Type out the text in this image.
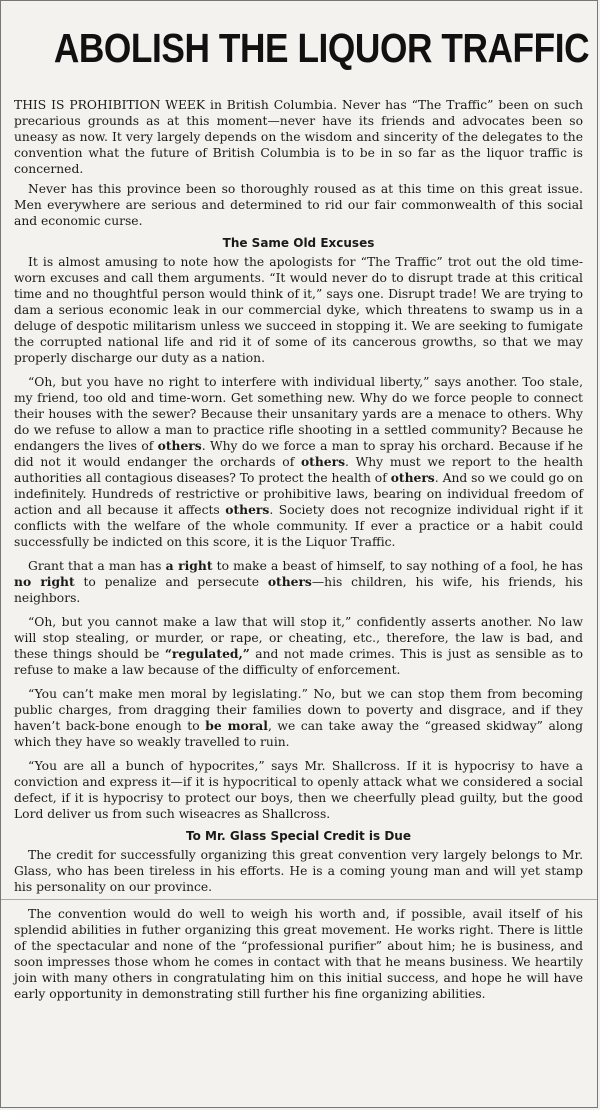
ABOLISH THE LIQUOR TRAFFIC

THIS IS PROHIBITION WEEK in British Columbia. Never has “The Traffic” been on such precarious grounds as at this moment—never have its friends and advocates been so uneasy as now. It very largely depends on the wisdom and sincerity of the delegates to the convention what the future of British Columbia is to be in so far as the liquor traffic is concerned.

Never has this province been so thoroughly roused as at this time on this great issue. Men everywhere are serious and determined to rid our fair commonwealth of this social and economic curse.

The Same Old Excuses

It is almost amusing to note how the apologists for “The Traffic” trot out the old time-worn excuses and call them arguments. “It would never do to disrupt trade at this critical time and no thoughtful person would think of it,” says one. Disrupt trade! We are trying to dam a serious economic leak in our commercial dyke, which threatens to swamp us in a deluge of despotic militarism unless we succeed in stopping it. We are seeking to fumigate the corrupted national life and rid it of some of its cancerous growths, so that we may properly discharge our duty as a nation.

“Oh, but you have no right to interfere with individual liberty,” says another. Too stale, my friend, too old and time-worn. Get something new. Why do we force people to connect their houses with the sewer? Because their unsanitary yards are a menace to others. Why do we refuse to allow a man to practice rifle shooting in a settled community? Because he endangers the lives of others. Why do we force a man to spray his orchard. Because if he did not it would endanger the orchards of others. Why must we report to the health authorities all contagious diseases? To protect the health of others. And so we could go on indefinitely. Hundreds of restrictive or prohibitive laws, bearing on individual freedom of action and all because it affects others. Society does not recognize individual right if it conflicts with the welfare of the whole community. If ever a practice or a habit could successfully be indicted on this score, it is the Liquor Traffic.

Grant that a man has a right to make a beast of himself, to say nothing of a fool, he has no right to penalize and persecute others—his children, his wife, his friends, his neighbors.

“Oh, but you cannot make a law that will stop it,” confidently asserts another. No law will stop stealing, or murder, or rape, or cheating, etc., therefore, the law is bad, and these things should be “regulated,” and not made crimes. This is just as sensible as to refuse to make a law because of the difficulty of enforcement.

“You can’t make men moral by legislating.” No, but we can stop them from becoming public charges, from dragging their families down to poverty and disgrace, and if they haven’t back-bone enough to be moral, we can take away the “greased skidway” along which they have so weakly travelled to ruin.

“You are all a bunch of hypocrites,” says Mr. Shallcross. If it is hypocrisy to have a conviction and express it—if it is hypocritical to openly attack what we considered a social defect, if it is hypocrisy to protect our boys, then we cheerfully plead guilty, but the good Lord deliver us from such wiseacres as Shallcross.

To Mr. Glass Special Credit is Due

The credit for successfully organizing this great convention very largely belongs to Mr. Glass, who has been tireless in his efforts. He is a coming young man and will yet stamp his personality on our province.

The convention would do well to weigh his worth and, if possible, avail itself of his splendid abilities in futher organizing this great movement. He works right. There is little of the spectacular and none of the “professional purifier” about him; he is business, and soon impresses those whom he comes in contact with that he means business. We heartily join with many others in congratulating him on this initial success, and hope he will have early opportunity in demonstrating still further his fine organizing abilities.
